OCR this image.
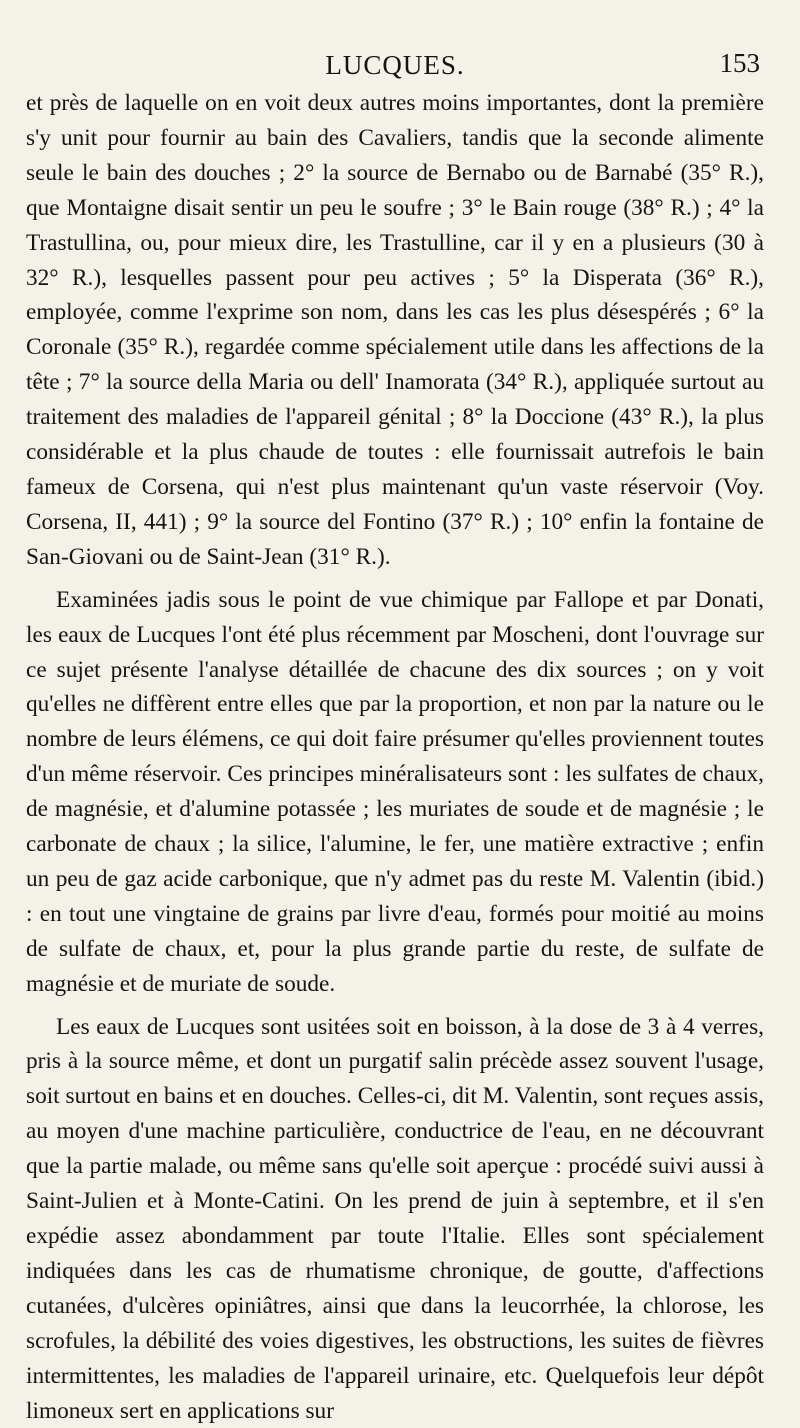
LUCQUES.	153

et près de laquelle on en voit deux autres moins importantes, dont la première s'y unit pour fournir au bain des Cavaliers, tandis que la seconde alimente seule le bain des douches ; 2° la source de Bernabo ou de Barnabé (35° R.), que Montaigne disait sentir un peu le soufre ; 3° le Bain rouge (38° R.) ; 4° la Trastullina, ou, pour mieux dire, les Trastulline, car il y en a plusieurs (30 à 32° R.), lesquelles passent pour peu actives ; 5° la Disperata (36° R.), employée, comme l'exprime son nom, dans les cas les plus désespérés ; 6° la Coronale (35° R.), regardée comme spécialement utile dans les affections de la tête ; 7° la source della Maria ou dell' Inamorata (34° R.), appliquée surtout au traitement des maladies de l'appareil génital ; 8° la Doccione (43° R.), la plus considérable et la plus chaude de toutes : elle fournissait autrefois le bain fameux de Corsena, qui n'est plus maintenant qu'un vaste réservoir (Voy. Corsena, II, 441) ; 9° la source del Fontino (37° R.) ; 10° enfin la fontaine de San-Giovani ou de Saint-Jean (31° R.).

Examinées jadis sous le point de vue chimique par Fallope et par Donati, les eaux de Lucques l'ont été plus récemment par Moscheni, dont l'ouvrage sur ce sujet présente l'analyse détaillée de chacune des dix sources ; on y voit qu'elles ne diffèrent entre elles que par la proportion, et non par la nature ou le nombre de leurs élémens, ce qui doit faire présumer qu'elles proviennent toutes d'un même réservoir. Ces principes minéralisateurs sont : les sulfates de chaux, de magnésie, et d'alumine potassée ; les muriates de soude et de magnésie ; le carbonate de chaux ; la silice, l'alumine, le fer, une matière extractive ; enfin un peu de gaz acide carbonique, que n'y admet pas du reste M. Valentin (ibid.) : en tout une vingtaine de grains par livre d'eau, formés pour moitié au moins de sulfate de chaux, et, pour la plus grande partie du reste, de sulfate de magnésie et de muriate de soude.

Les eaux de Lucques sont usitées soit en boisson, à la dose de 3 à 4 verres, pris à la source même, et dont un purgatif salin précède assez souvent l'usage, soit surtout en bains et en douches. Celles-ci, dit M. Valentin, sont reçues assis, au moyen d'une machine particulière, conductrice de l'eau, en ne découvrant que la partie malade, ou même sans qu'elle soit aperçue : procédé suivi aussi à Saint-Julien et à Monte-Catini. On les prend de juin à septembre, et il s'en expédie assez abondamment par toute l'Italie. Elles sont spécialement indiquées dans les cas de rhumatisme chronique, de goutte, d'affections cutanées, d'ulcères opiniâtres, ainsi que dans la leucorrhée, la chlorose, les scrofules, la débilité des voies digestives, les obstructions, les suites de fièvres intermittentes, les maladies de l'appareil urinaire, etc. Quelquefois leur dépôt limoneux sert en applications sur
